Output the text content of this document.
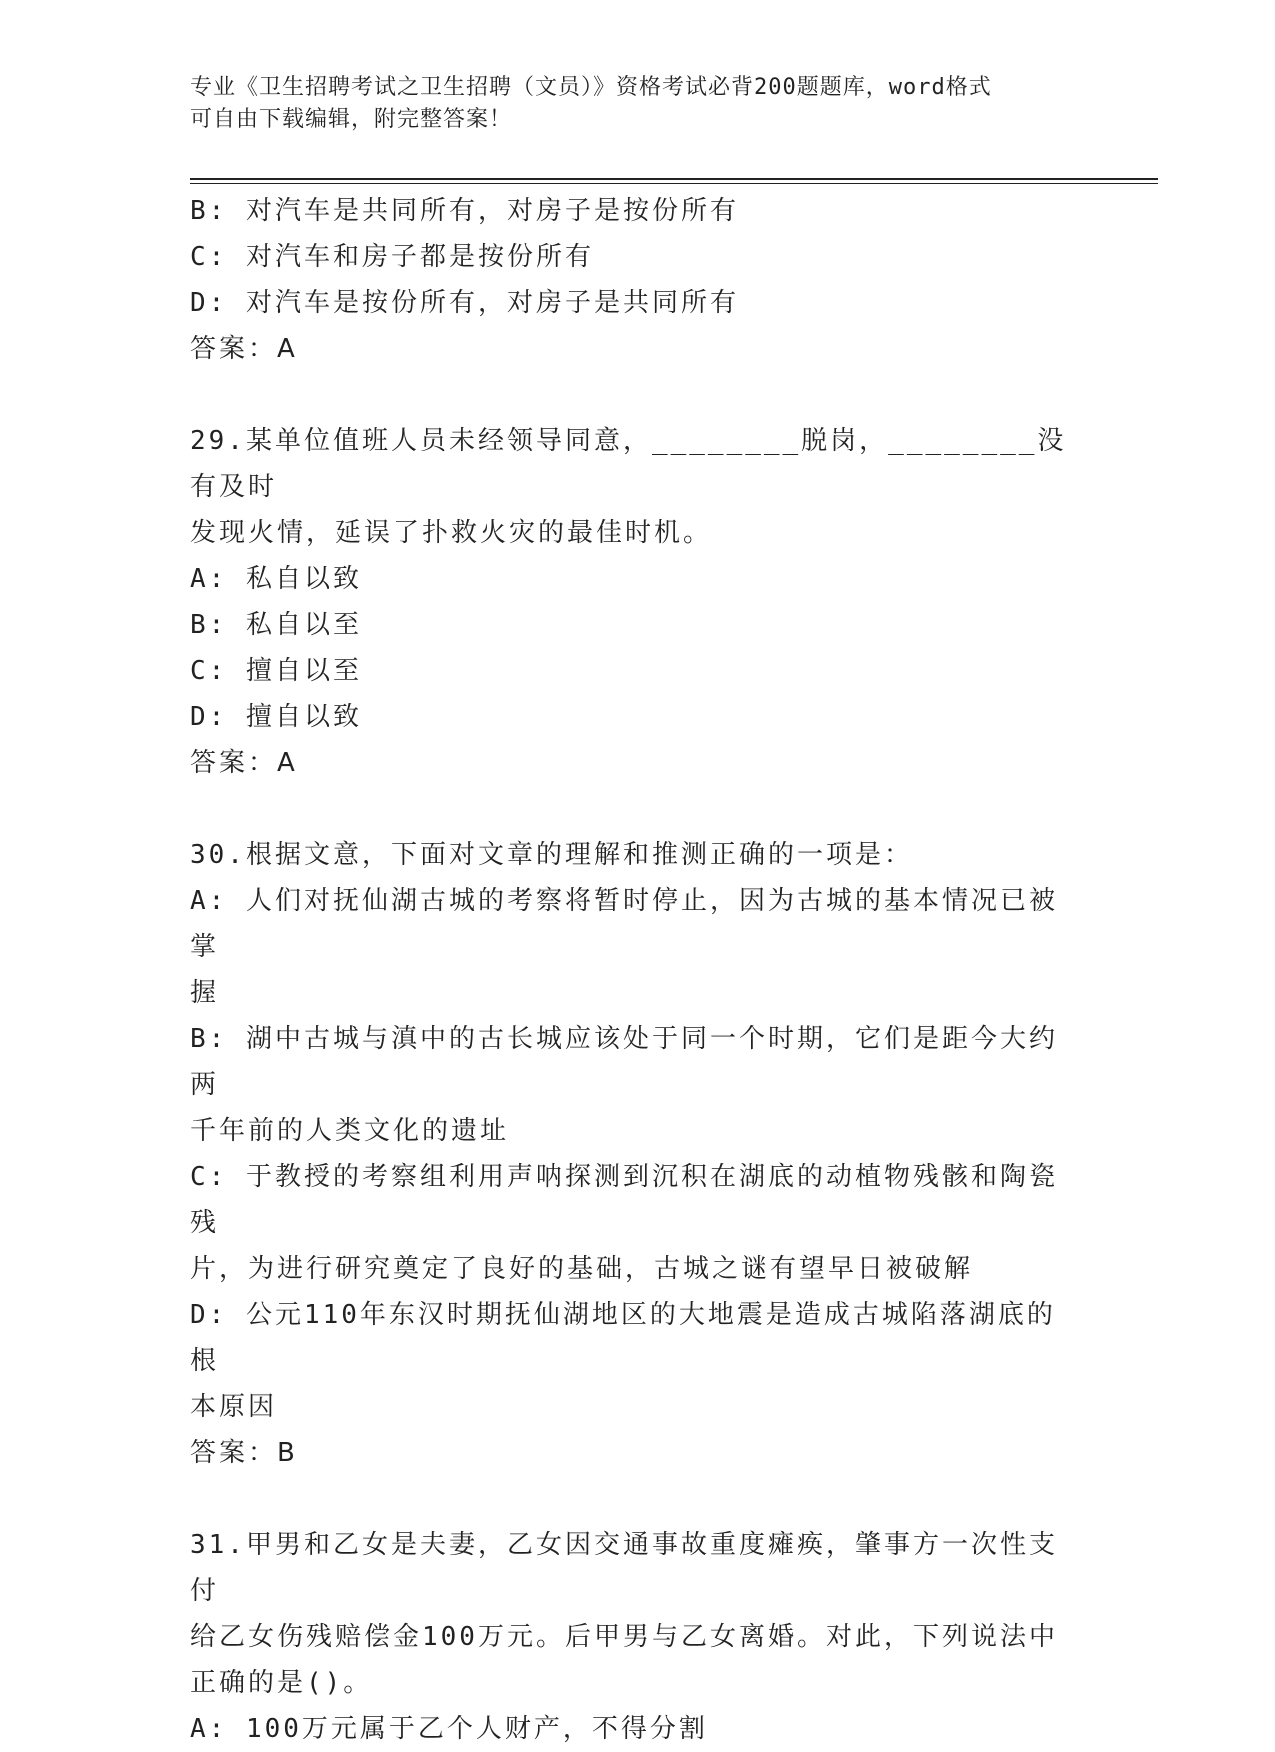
专业《卫生招聘考试之卫生招聘（文员）》资格考试必背200题题库，word格式
可自由下载编辑，附完整答案！

B: 对汽车是共同所有，对房子是按份所有

C: 对汽车和房子都是按份所有

D: 对汽车是按份所有，对房子是共同所有

答案：A

29.某单位值班人员未经领导同意，________脱岗，________没有及时

发现火情，延误了扑救火灾的最佳时机。

A: 私自以致

B: 私自以至

C: 擅自以至

D: 擅自以致

答案：A

30.根据文意，下面对文章的理解和推测正确的一项是：

A: 人们对抚仙湖古城的考察将暂时停止，因为古城的基本情况已被掌

握

B: 湖中古城与滇中的古长城应该处于同一个时期，它们是距今大约两

千年前的人类文化的遗址

C: 于教授的考察组利用声呐探测到沉积在湖底的动植物残骸和陶瓷残

片，为进行研究奠定了良好的基础，古城之谜有望早日被破解

D: 公元110年东汉时期抚仙湖地区的大地震是造成古城陷落湖底的根

本原因

答案：B

31.甲男和乙女是夫妻，乙女因交通事故重度瘫痪，肇事方一次性支付

给乙女伤残赔偿金100万元。后甲男与乙女离婚。对此，下列说法中

正确的是()。

A: 100万元属于乙个人财产，不得分割
